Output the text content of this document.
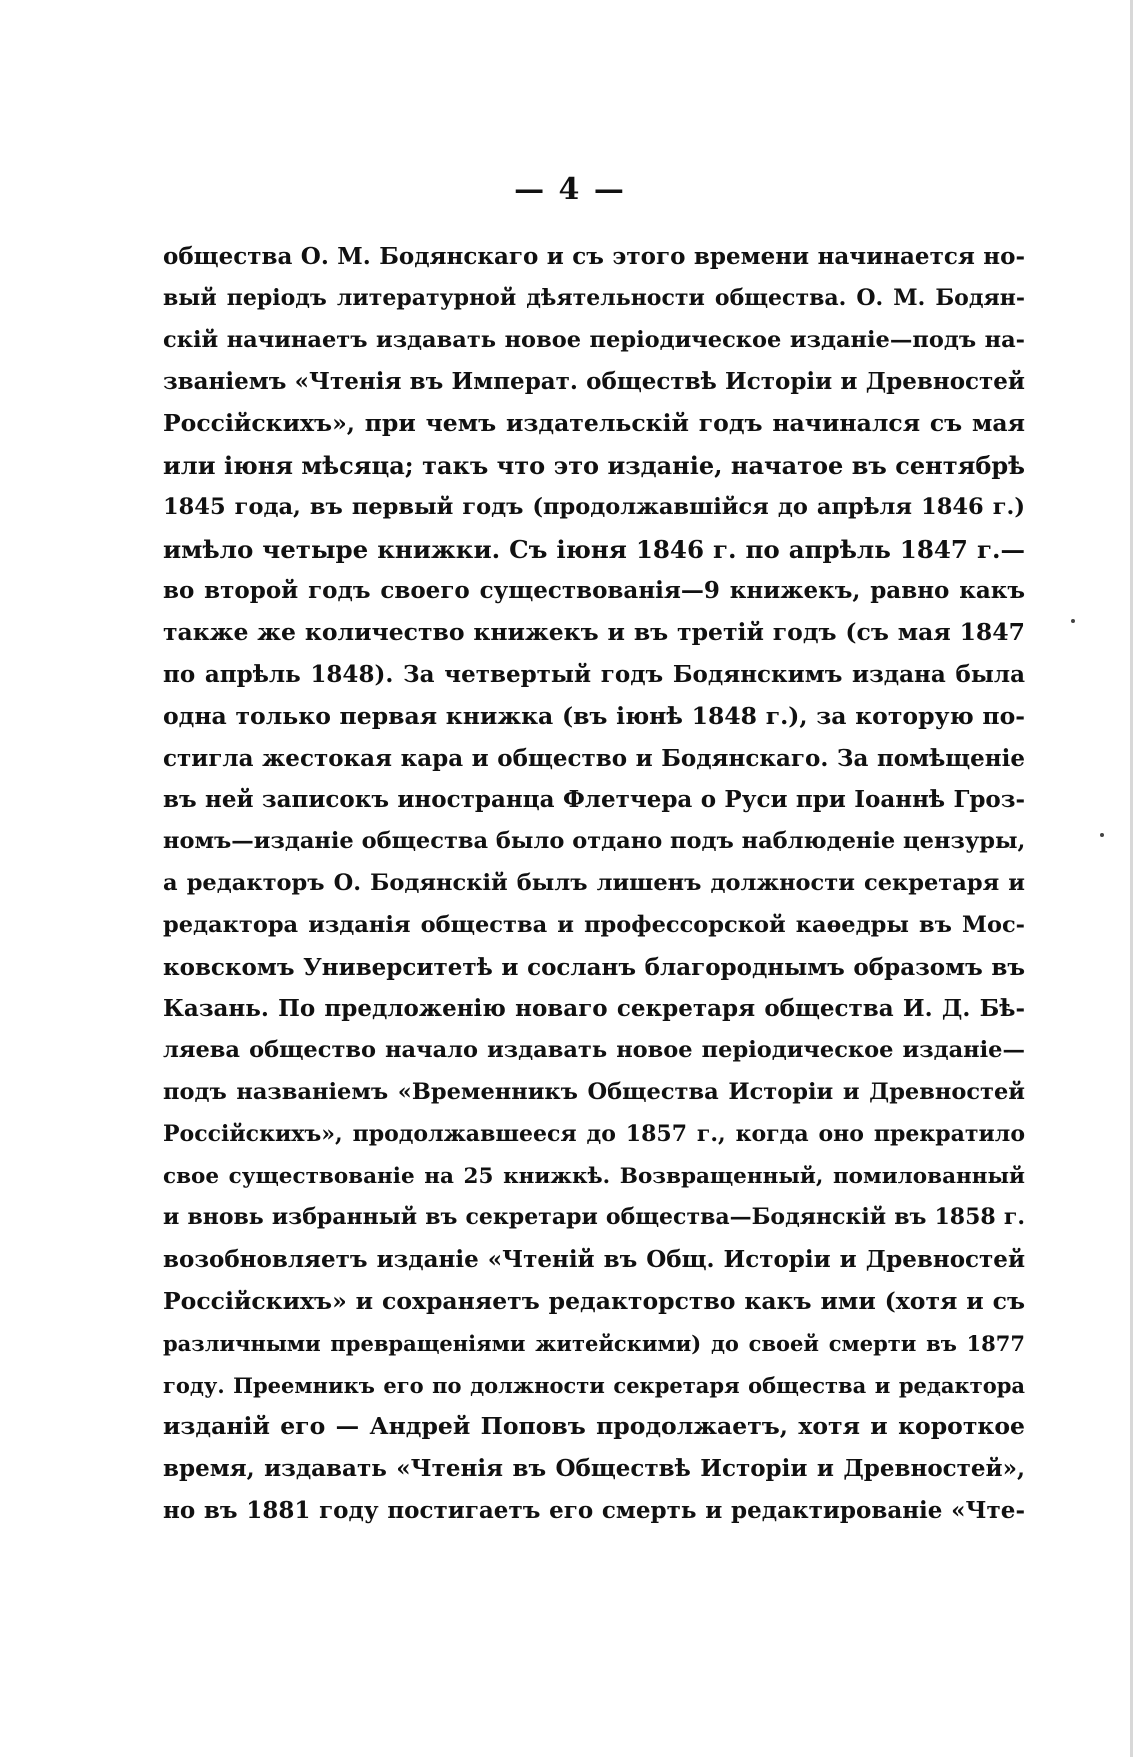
— 4 —
общества О. М. Бодянскаго и съ этого времени начинается но-
вый періодъ литературной дѣятельности общества. О. М. Бодян-
скій начинаетъ издавать новое періодическое изданіе—подъ на-
званіемъ «Чтенія въ Императ. обществѣ Исторіи и Древностей
Россійскихъ», при чемъ издательскій годъ начинался съ мая
или іюня мѣсяца; такъ что это изданіе, начатое въ сентябрѣ
1845 года, въ первый годъ (продолжавшійся до апрѣля 1846 г.)
имѣло четыре книжки. Съ іюня 1846 г. по апрѣль 1847 г.—
во второй годъ своего существованія—9 книжекъ, равно какъ
также же количество книжекъ и въ третій годъ (съ мая 1847
по апрѣль 1848). За четвертый годъ Бодянскимъ издана была
одна только первая книжка (въ іюнѣ 1848 г.), за которую по-
стигла жестокая кара и общество и Бодянскаго. За помѣщеніе
въ ней записокъ иностранца Флетчера о Руси при Іоаннѣ Гроз-
номъ—изданіе общества было отдано подъ наблюденіе цензуры,
а редакторъ О. Бодянскій былъ лишенъ должности секретаря и
редактора изданія общества и профессорской каѳедры въ Мос-
ковскомъ Университетѣ и сосланъ благороднымъ образомъ въ
Казань. По предложенію новаго секретаря общества И. Д. Бѣ-
ляева общество начало издавать новое періодическое изданіе—
подъ названіемъ «Временникъ Общества Исторіи и Древностей
Россійскихъ», продолжавшееся до 1857 г., когда оно прекратило
свое существованіе на 25 книжкѣ. Возвращенный, помилованный
и вновь избранный въ секретари общества—Бодянскій въ 1858 г.
возобновляетъ изданіе «Чтеній въ Общ. Исторіи и Древностей
Россійскихъ» и сохраняетъ редакторство какъ ими (хотя и съ
различными превращеніями житейскими) до своей смерти въ 1877
году. Преемникъ его по должности секретаря общества и редактора
изданій его — Андрей Поповъ продолжаетъ, хотя и короткое
время, издавать «Чтенія въ Обществѣ Исторіи и Древностей»,
но въ 1881 году постигаетъ его смерть и редактированіе «Чте-
